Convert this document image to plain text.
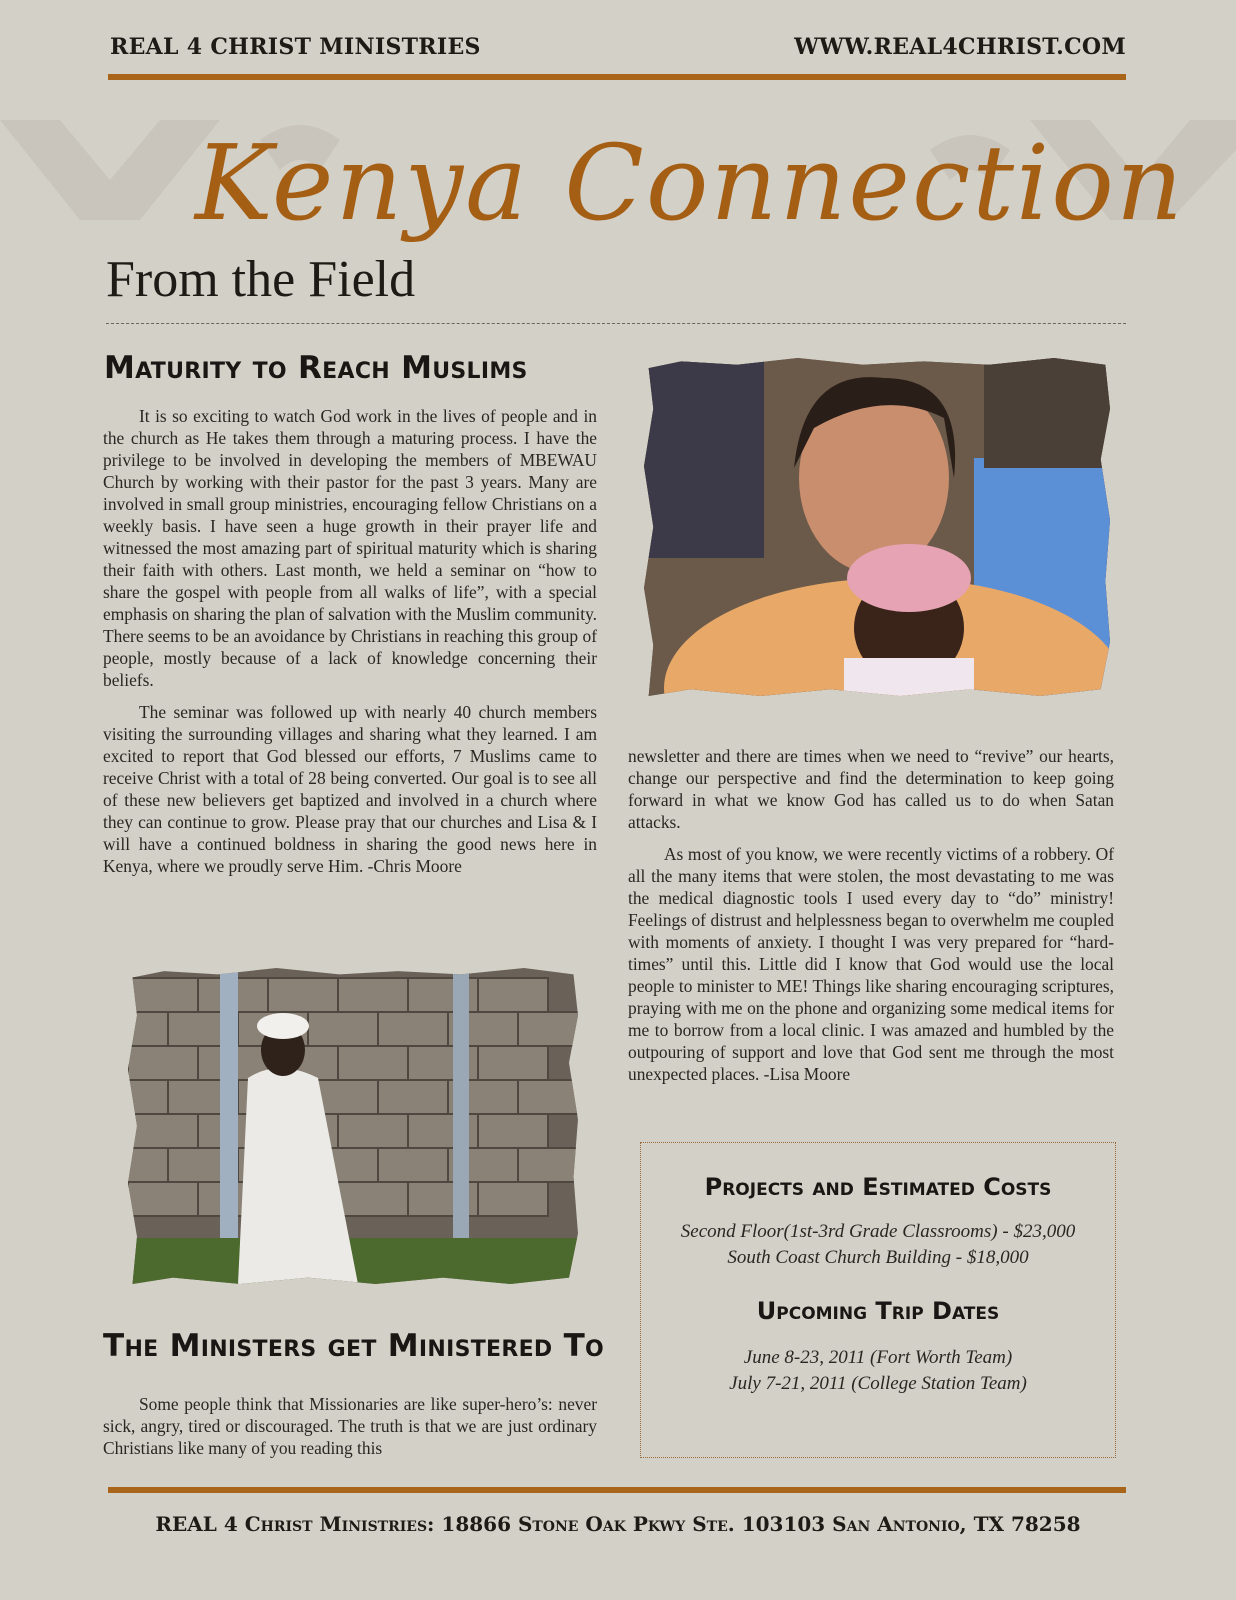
REAL 4 CHRIST MINISTRIES	WWW.REAL4CHRIST.COM
Kenya Connection
From the Field
Maturity to Reach Muslims

It is so exciting to watch God work in the lives of people and in the church as He takes them through a maturing process. I have the privilege to be involved in developing the members of MBEWAU Church by working with their pastor for the past 3 years. Many are involved in small group ministries, encouraging fellow Christians on a weekly basis. I have seen a huge growth in their prayer life and witnessed the most amazing part of spiritual maturity which is sharing their faith with others. Last month, we held a seminar on “how to share the gospel with people from all walks of life”, with a special emphasis on sharing the plan of salvation with the Muslim community. There seems to be an avoidance by Christians in reaching this group of people, mostly because of a lack of knowledge concerning their beliefs.

The seminar was followed up with nearly 40 church members visiting the surrounding villages and sharing what they learned. I am excited to report that God blessed our efforts, 7 Muslims came to receive Christ with a total of 28 being converted. Our goal is to see all of these new believers get baptized and involved in a church where they can continue to grow. Please pray that our churches and Lisa & I will have a continued boldness in sharing the good news here in Kenya, where we proudly serve Him. -Chris Moore

The Ministers get Ministered To

Some people think that Missionaries are like super-hero’s: never sick, angry, tired or discouraged. The truth is that we are just ordinary Christians like many of you reading this

newsletter and there are times when we need to “revive” our hearts, change our perspective and find the determination to keep going forward in what we know God has called us to do when Satan attacks.

As most of you know, we were recently victims of a robbery. Of all the many items that were stolen, the most devastating to me was the medical diagnostic tools I used every day to “do” ministry! Feelings of distrust and helplessness began to overwhelm me coupled with moments of anxiety. I thought I was very prepared for “hard-times” until this. Little did I know that God would use the local people to minister to ME! Things like sharing encouraging scriptures, praying with me on the phone and organizing some medical items for me to borrow from a local clinic. I was amazed and humbled by the outpouring of support and love that God sent me through the most unexpected places. -Lisa Moore

Projects and Estimated Costs
Second Floor(1st-3rd Grade Classrooms) - $23,000
South Coast Church Building - $18,000
Upcoming Trip Dates
June 8-23, 2011 (Fort Worth Team)
July 7-21, 2011 (College Station Team)
REAL 4 Christ Ministries: 18866 Stone Oak Pkwy Ste. 103103 San Antonio, TX 78258
